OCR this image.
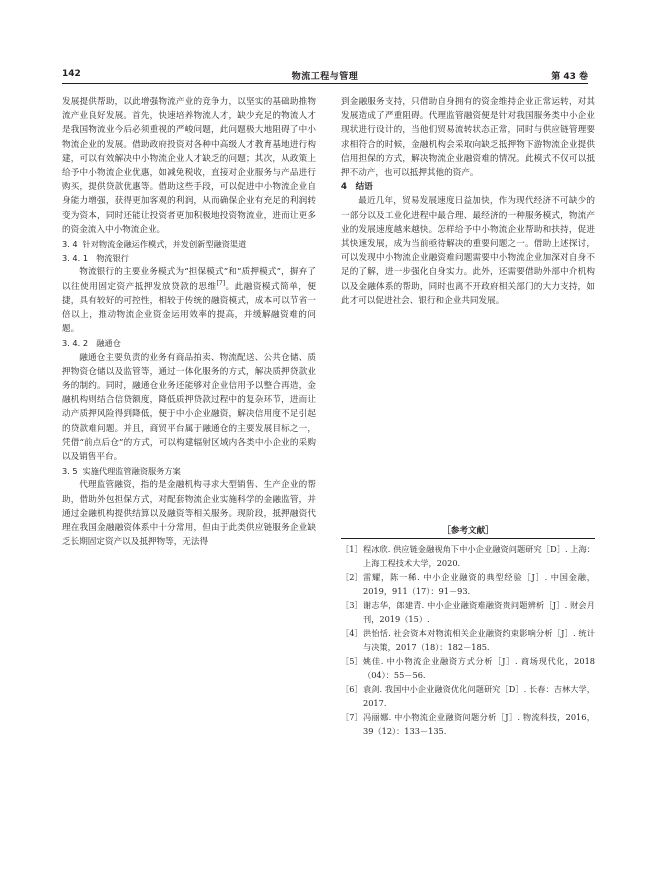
142	物流工程与管理	第 43 卷

发展提供帮助，以此增强物流产业的竞争力，以坚实的基础助推物流产业良好发展。首先，快速培养物流人才，缺少充足的物流人才是我国物流业今后必须重视的严峻问题，此问题极大地阻碍了中小物流企业的发展。借助政府投资对各种中高级人才教育基地进行构建，可以有效解决中小物流企业人才缺乏的问题；其次，从政策上给予中小物流企业优惠，如减免税收，直接对企业服务与产品进行购买，提供贷款优惠等。借助这些手段，可以促进中小物流企业自身能力增强，获得更加客观的利润，从而确保企业有充足的利润转变为资本，同时还能让投资者更加积极地投资物流业，进而让更多的资金流入中小物流企业。

3. 4 针对物流金融运作模式，并发创新型融资渠道
3. 4. 1 物流银行

物流银行的主要业务模式为“担保模式”和“质押模式”，摒弃了以往使用固定资产抵押发放贷款的思维[7]。此融资模式简单，便捷，具有较好的可控性，相较于传统的融资模式，成本可以节省一倍以上，推动物流企业资金运用效率的提高，并缓解融资难的问题。

3. 4. 2 融通仓

融通仓主要负责的业务有商品拍卖、物流配送、公共仓储、质押物资仓储以及监管等，通过一体化服务的方式，解决质押贷款业务的制约。同时，融通仓业务还能够对企业信用予以整合再造，金融机构则结合信贷额度，降低质押贷款过程中的复杂环节，进而让动产质押风险得到降低，便于中小企业融资，解决信用度不足引起的贷款难问题。并且，商贸平台属于融通仓的主要发展目标之一，凭借“前点后仓”的方式，可以构建辐射区域内各类中小企业的采购以及销售平台。

3. 5 实施代理监管融资服务方案

代理监管融资，指的是金融机构寻求大型销售、生产企业的帮助，借助外包担保方式，对配套物流企业实施科学的金融监管，并通过金融机构提供结算以及融资等相关服务。现阶段，抵押融资代理在我国金融融资体系中十分常用，但由于此类供应链服务企业缺乏长期固定资产以及抵押物等，无法得

到金融服务支持，只借助自身拥有的资金维持企业正常运转，对其发展造成了严重阻碍。代理监管融资便是针对我国服务类中小企业现状进行设计的，当他们贸易流转状态正常，同时与供应链管理要求相符合的时候，金融机构会采取向缺乏抵押物下游物流企业提供信用担保的方式，解决物流企业融资难的情况。此模式不仅可以抵押不动产，也可以抵押其他的资产。

4 结语

最近几年，贸易发展速度日益加快，作为现代经济不可缺少的一部分以及工业化进程中最合理、最经济的一种服务模式，物流产业的发展速度越来越快。怎样给予中小物流企业帮助和扶持，促进其快速发展，成为当前亟待解决的重要问题之一。借助上述探讨，可以发现中小物流企业融资难问题需要中小物流企业加深对自身不足的了解，进一步强化自身实力。此外，还需要借助外部中介机构以及金融体系的帮助，同时也离不开政府相关部门的大力支持，如此才可以促进社会、银行和企业共同发展。

［参考文献］
［1］ 程冰欣. 供应链金融视角下中小企业融资问题研究［D］. 上海：上海工程技术大学，2020.
［2］ 雷耀，陈一稀. 中小企业融资的典型经验［J］. 中国金融，2019，911（17）：91－93.
［3］ 谢志华，郎建青. 中小企业融资难融资贵问题辨析［J］. 财会月刊，2019（15）.
［4］ 洪怡恬. 社会资本对物流相关企业融资约束影响分析［J］. 统计与决策，2017（18）：182－185.
［5］ 姚佳. 中小物流企业融资方式分析［J］. 商场现代化，2018（04）：55－56.
［6］ 袁剑. 我国中小企业融资优化问题研究［D］. 长春：吉林大学，2017.
［7］ 冯丽娜. 中小物流企业融资问题分析［J］. 物流科技，2016，39（12）：133－135.
